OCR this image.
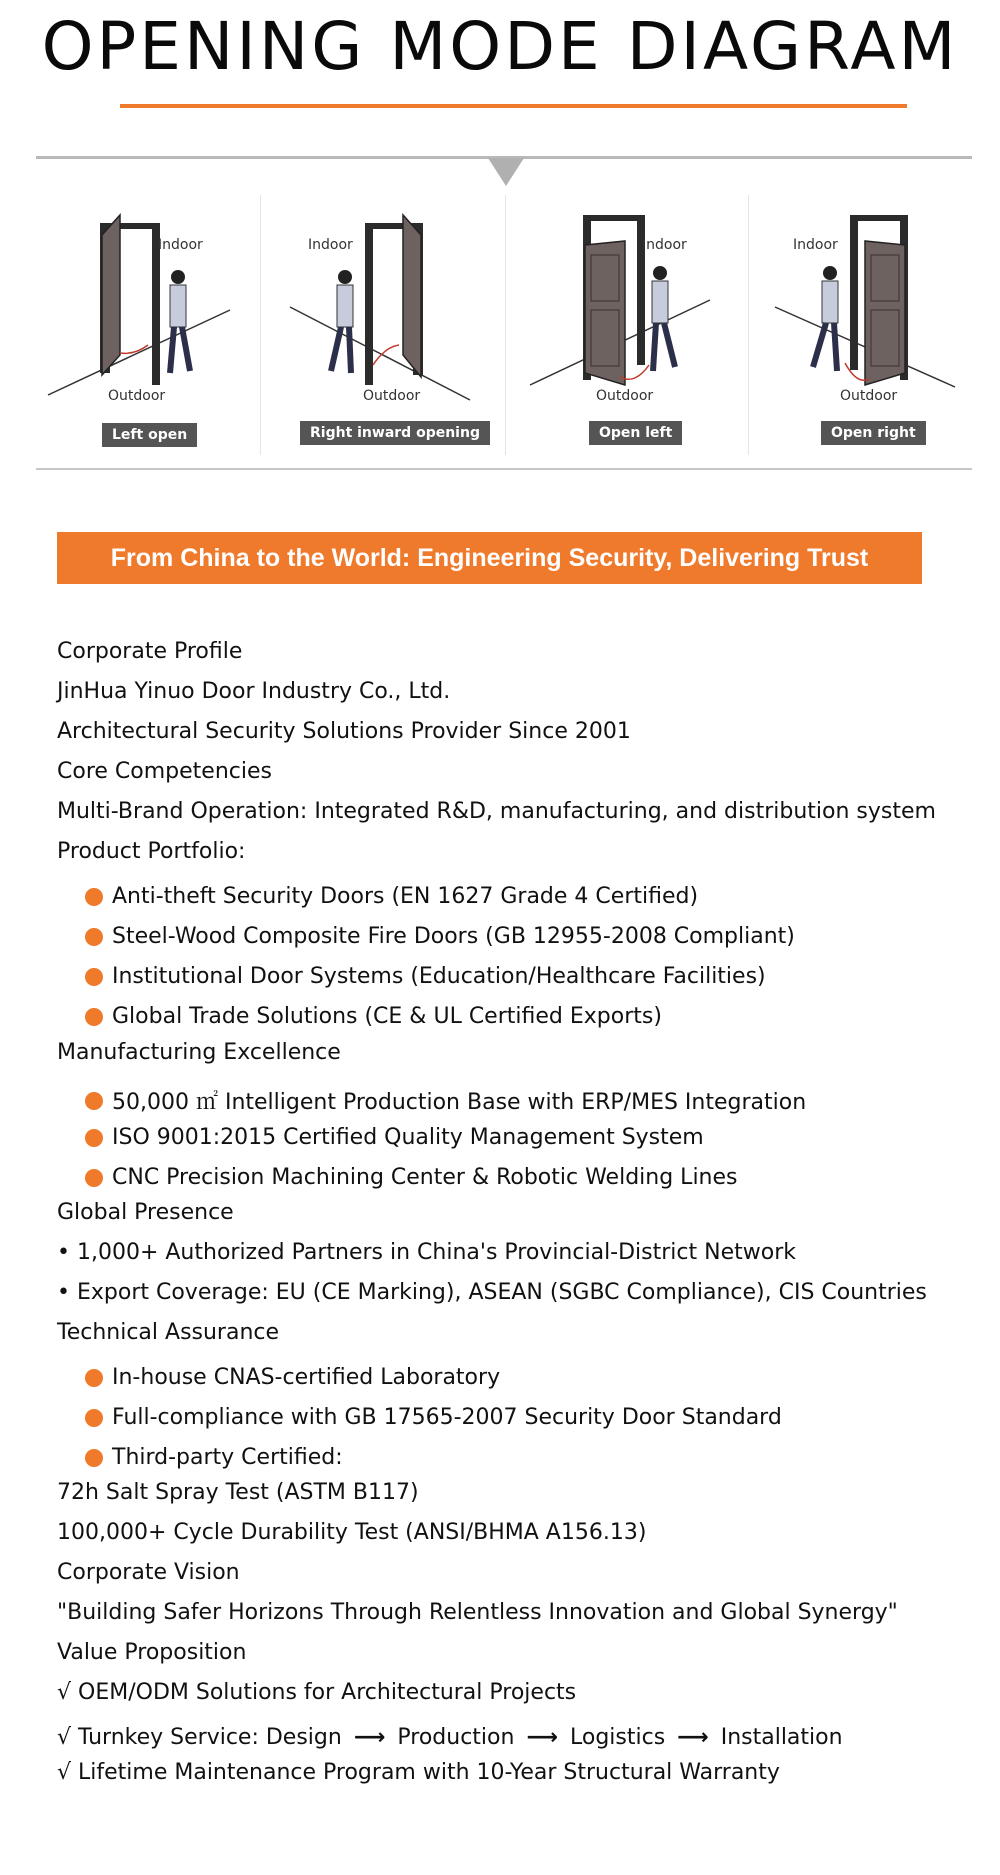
OPENING MODE DIAGRAM
Indoor
Outdoor
Left open
Indoor
Outdoor
Right inward opening
Indoor
Outdoor
Open left
Indoor
Outdoor
Open right
From China to the World: Engineering Security, Delivering Trust
Corporate Profile
JinHua Yinuo Door Industry Co., Ltd.
Architectural Security Solutions Provider Since 2001
Core Competencies
Multi-Brand Operation: Integrated R&D, manufacturing, and distribution system
Product Portfolio:
Anti-theft Security Doors (EN 1627 Grade 4 Certified)
Steel-Wood Composite Fire Doors (GB 12955-2008 Compliant)
Institutional Door Systems (Education/Healthcare Facilities)
Global Trade Solutions (CE & UL Certified Exports)
Manufacturing Excellence
50,000 ㎡ Intelligent Production Base with ERP/MES Integration
ISO 9001:2015 Certified Quality Management System
CNC Precision Machining Center & Robotic Welding Lines
Global Presence
• 1,000+ Authorized Partners in China's Provincial-District Network
• Export Coverage: EU (CE Marking), ASEAN (SGBC Compliance), CIS Countries
Technical Assurance
In-house CNAS-certified Laboratory
Full-compliance with GB 17565-2007 Security Door Standard
Third-party Certified:
72h Salt Spray Test (ASTM B117)
100,000+ Cycle Durability Test (ANSI/BHMA A156.13)
Corporate Vision
"Building Safer Horizons Through Relentless Innovation and Global Synergy"
Value Proposition
√ OEM/ODM Solutions for Architectural Projects
√ Turnkey Service: Design ⟶ Production ⟶ Logistics ⟶ Installation
√ Lifetime Maintenance Program with 10-Year Structural Warranty
